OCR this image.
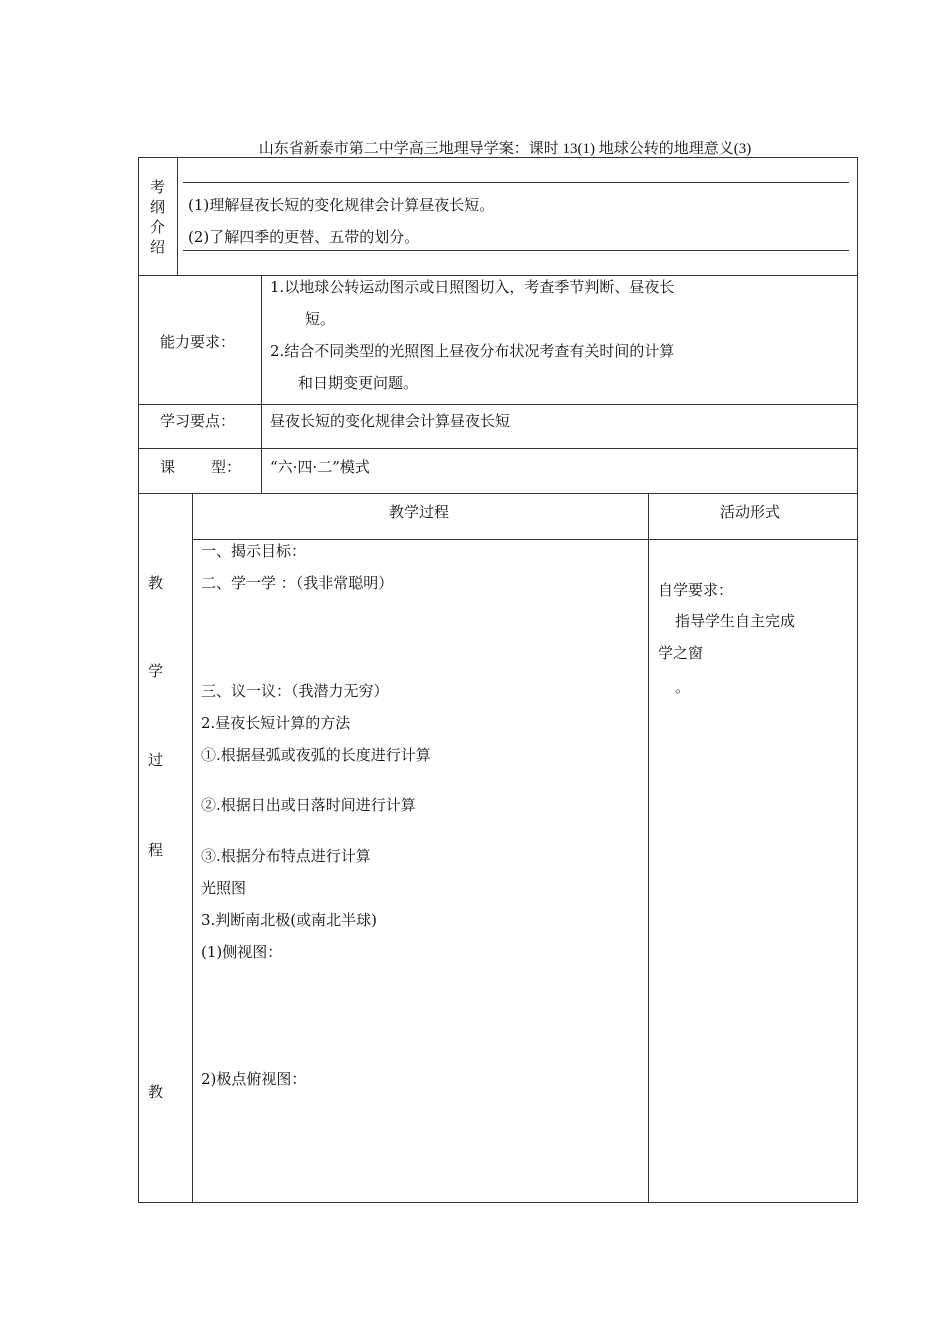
山东省新泰市第二中学高三地理导学案：课时 13(1) 地球公转的地理意义(3)
考
纲
介
绍
(1)理解昼夜长短的变化规律会计算昼夜长短。
(2)了解四季的更替、五带的划分。
能力要求：
1.以地球公转运动图示或日照图切入，考查季节判断、昼夜长
短。
2.结合不同类型的光照图上昼夜分布状况考查有关时间的计算
和日期变更问题。
学习要点： 昼夜长短的变化规律会计算昼夜长短
课 型： “六·四·二”模式
教学过程	活动形式
教
学
过
程
教
一、揭示目标：
二、学一学 ：（我非常聪明）
三、议一议：（我潜力无穷）
2.昼夜长短计算的方法
①.根据昼弧或夜弧的长度进行计算
②.根据日出或日落时间进行计算
③.根据分布特点进行计算
光照图
3.判断南北极(或南北半球)
(1)侧视图：
2)极点俯视图：
自学要求：
指导学生自主完成
学之窗
。
